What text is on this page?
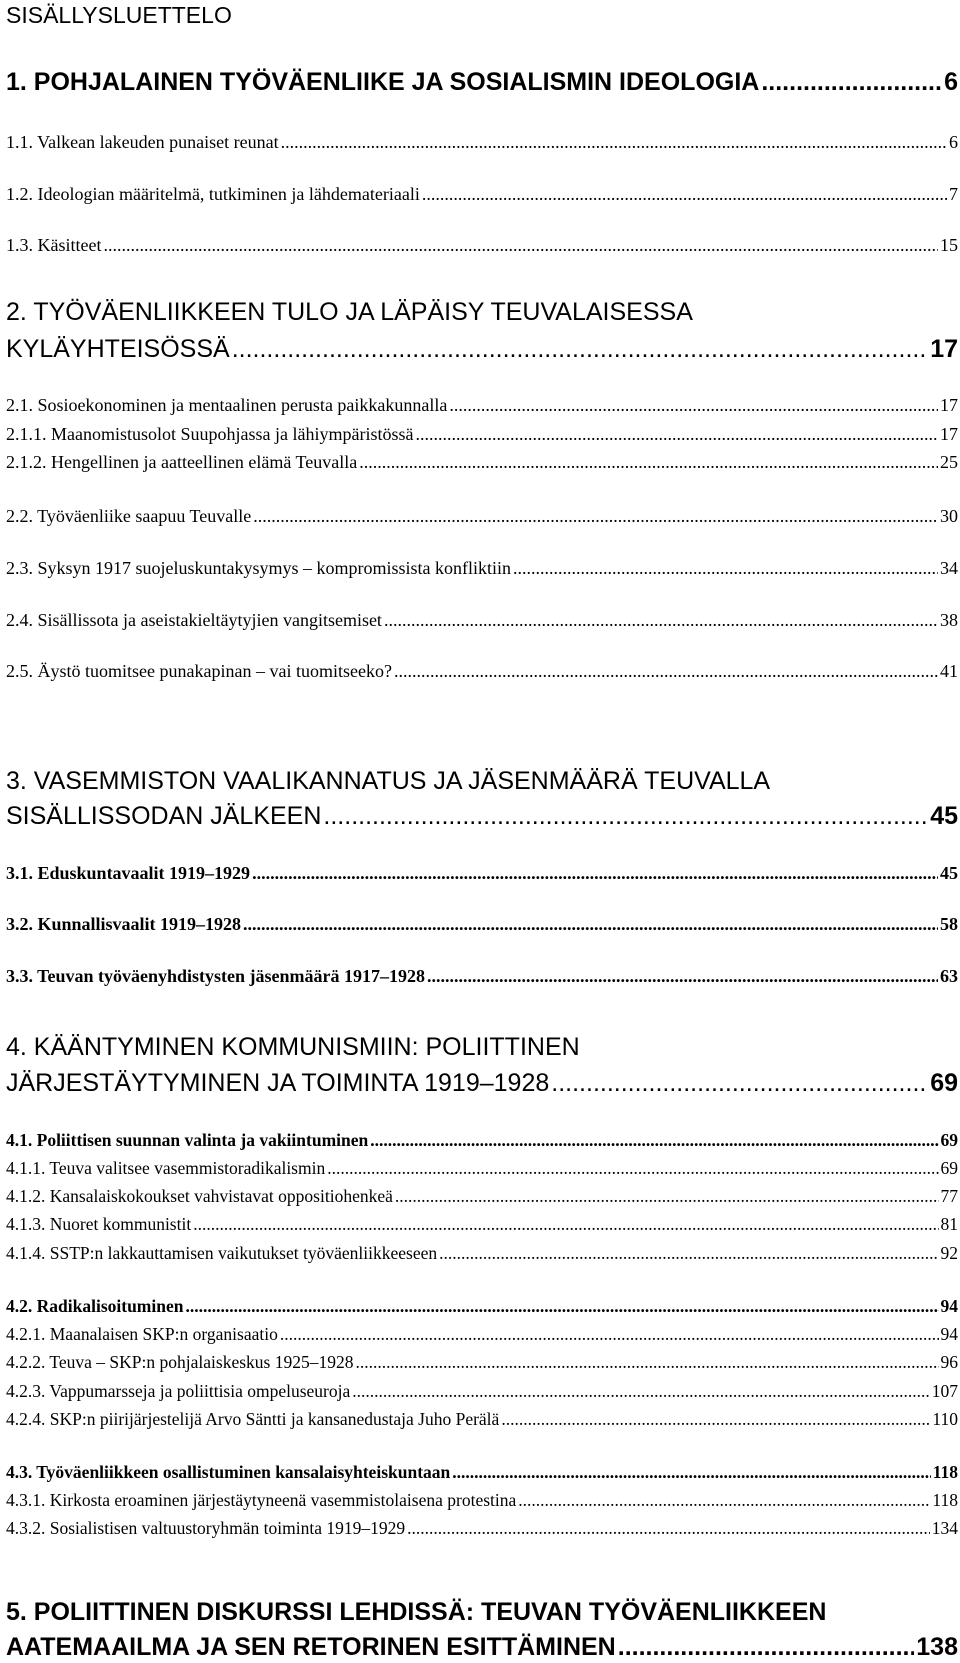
SISÄLLYSLUETTELO
1. POHJALAINEN TYÖVÄENLIIKE JA SOSIALISMIN IDEOLOGIA .....	6
1.1. Valkean lakeuden punaiset reunat .....	6
1.2. Ideologian määritelmä, tutkiminen ja lähdemateriaali .....	7
1.3. Käsitteet .....	15
2. TYÖVÄENLIIKKEEN TULO JA LÄPÄISY TEUVALAISESSA
KYLÄYHTEISÖSSÄ .....	17
2.1. Sosioekonominen ja mentaalinen perusta paikkakunnalla .....	17
2.1.1. Maanomistusolot Suupohjassa ja lähiympäristössä .....	17
2.1.2. Hengellinen ja aatteellinen elämä Teuvalla .....	25
2.2. Työväenliike saapuu Teuvalle .....	30
2.3. Syksyn 1917 suojeluskuntakysymys – kompromissista konfliktiin .....	34
2.4. Sisällissota ja aseistakieltäytyjien vangitsemiset .....	38
2.5. Äystö tuomitsee punakapinan – vai tuomitseeko? .....	41
3. VASEMMISTON VAALIKANNATUS JA JÄSENMÄÄRÄ TEUVALLA
SISÄLLISSODAN JÄLKEEN .....	45
3.1. Eduskuntavaalit 1919–1929 .....	45
3.2. Kunnallisvaalit 1919–1928 .....	58
3.3. Teuvan työväenyhdistysten jäsenmäärä 1917–1928 .....	63
4. KÄÄNTYMINEN KOMMUNISMIIN: POLIITTINEN
JÄRJESTÄYTYMINEN JA TOIMINTA 1919–1928 .....	69
4.1. Poliittisen suunnan valinta ja vakiintuminen .....	69
4.1.1. Teuva valitsee vasemmistoradikalismin .....	69
4.1.2. Kansalaiskokoukset vahvistavat oppositiohenkeä .....	77
4.1.3. Nuoret kommunistit .....	81
4.1.4. SSTP:n lakkauttamisen vaikutukset työväenliikkeeseen .....	92
4.2. Radikalisoituminen .....	94
4.2.1. Maanalaisen SKP:n organisaatio .....	94
4.2.2. Teuva – SKP:n pohjalaiskeskus 1925–1928 .....	96
4.2.3. Vappumarsseja ja poliittisia ompeluseuroja .....	107
4.2.4. SKP:n piirijärjestelijä Arvo Säntti ja kansanedustaja Juho Perälä .....	110
4.3. Työväenliikkeen osallistuminen kansalaisyhteiskuntaan .....	118
4.3.1. Kirkosta eroaminen järjestäytyneenä vasemmistolaisena protestina .....	118
4.3.2. Sosialistisen valtuustoryhmän toiminta 1919–1929 .....	134
5. POLIITTINEN DISKURSSI LEHDISSÄ: TEUVAN TYÖVÄENLIIKKEEN
AATEMAAILMA JA SEN RETORINEN ESITTÄMINEN .....	138
